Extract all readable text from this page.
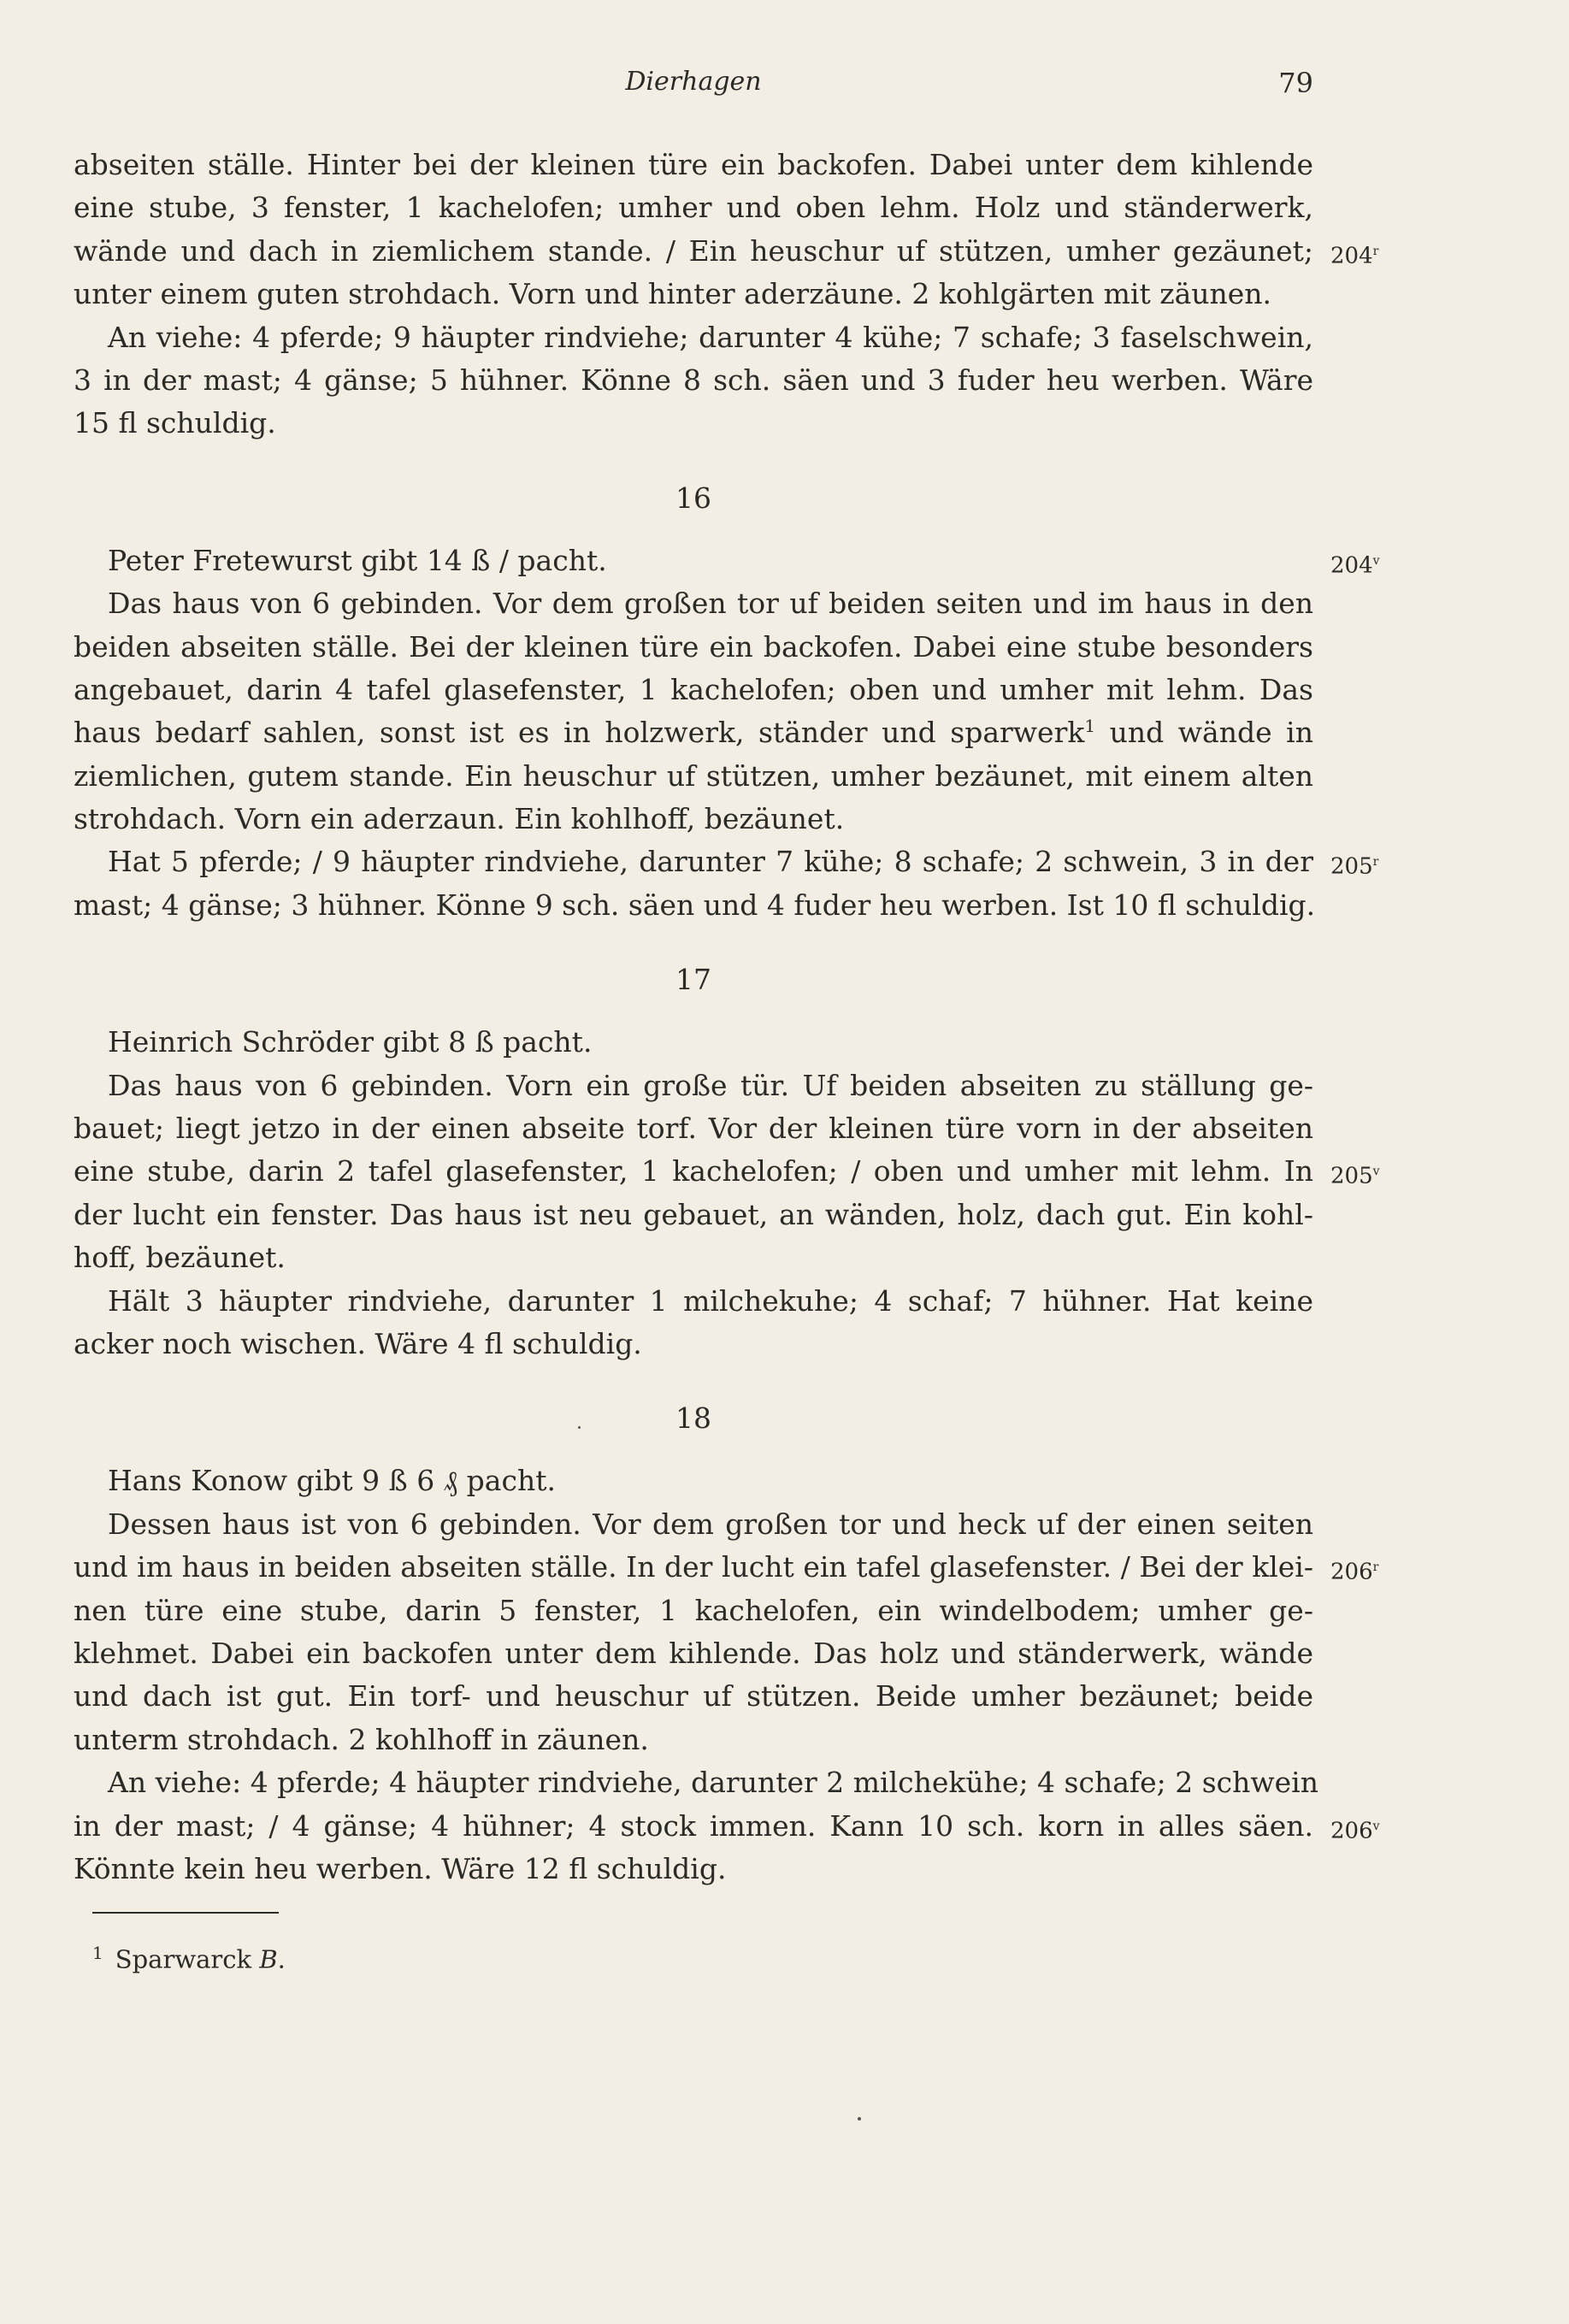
Dierhagen	79
abseiten ställe. Hinter bei der kleinen türe ein backofen. Dabei unter dem kihlende
eine stube, 3 fenster, 1 kachelofen; umher und oben lehm. Holz und ständerwerk,
wände und dach in ziemlichem stande. / Ein heuschur uf stützen, umher gezäunet; 204$^r$
unter einem guten strohdach. Vorn und hinter aderzäune. 2 kohlgärten mit zäunen.
An viehe: 4 pferde; 9 häupter rindviehe; darunter 4 kühe; 7 schafe; 3 faselschwein,
3 in der mast; 4 gänse; 5 hühner. Könne 8 sch. säen und 3 fuder heu werben. Wäre
15 fl schuldig.
16
Peter Fretewurst gibt 14 ß / pacht.	204$^v$
Das haus von 6 gebinden. Vor dem großen tor uf beiden seiten und im haus in den
beiden abseiten ställe. Bei der kleinen türe ein backofen. Dabei eine stube besonders
angebauet, darin 4 tafel glasefenster, 1 kachelofen; oben und umher mit lehm. Das
haus bedarf sahlen, sonst ist es in holzwerk, ständer und sparwerk$^1$ und wände in
ziemlichen, gutem stande. Ein heuschur uf stützen, umher bezäunet, mit einem alten
strohdach. Vorn ein aderzaun. Ein kohlhoff, bezäunet.
Hat 5 pferde; / 9 häupter rindviehe, darunter 7 kühe; 8 schafe; 2 schwein, 3 in der 205$^r$
mast; 4 gänse; 3 hühner. Könne 9 sch. säen und 4 fuder heu werben. Ist 10 fl schuldig.
17
Heinrich Schröder gibt 8 ß pacht.
Das haus von 6 gebinden. Vorn ein große tür. Uf beiden abseiten zu ställung ge-
bauet; liegt jetzo in der einen abseite torf. Vor der kleinen türe vorn in der abseiten
eine stube, darin 2 tafel glasefenster, 1 kachelofen; / oben und umher mit lehm. In 205$^v$
der lucht ein fenster. Das haus ist neu gebauet, an wänden, holz, dach gut. Ein kohl-
hoff, bezäunet.
Hält 3 häupter rindviehe, darunter 1 milchekuhe; 4 schaf; 7 hühner. Hat keine
acker noch wischen. Wäre 4 fl schuldig.
18
Hans Konow gibt 9 ß 6 ₰ pacht.
Dessen haus ist von 6 gebinden. Vor dem großen tor und heck uf der einen seiten
und im haus in beiden abseiten ställe. In der lucht ein tafel glasefenster. / Bei der klei- 206$^r$
nen türe eine stube, darin 5 fenster, 1 kachelofen, ein windelbodem; umher ge-
klehmet. Dabei ein backofen unter dem kihlende. Das holz und ständerwerk, wände
und dach ist gut. Ein torf- und heuschur uf stützen. Beide umher bezäunet; beide
unterm strohdach. 2 kohlhoff in zäunen.
An viehe: 4 pferde; 4 häupter rindviehe, darunter 2 milchekühe; 4 schafe; 2 schwein
in der mast; / 4 gänse; 4 hühner; 4 stock immen. Kann 10 sch. korn in alles säen. 206$^v$
Könnte kein heu werben. Wäre 12 fl schuldig.
$^1$ Sparwarck B.
